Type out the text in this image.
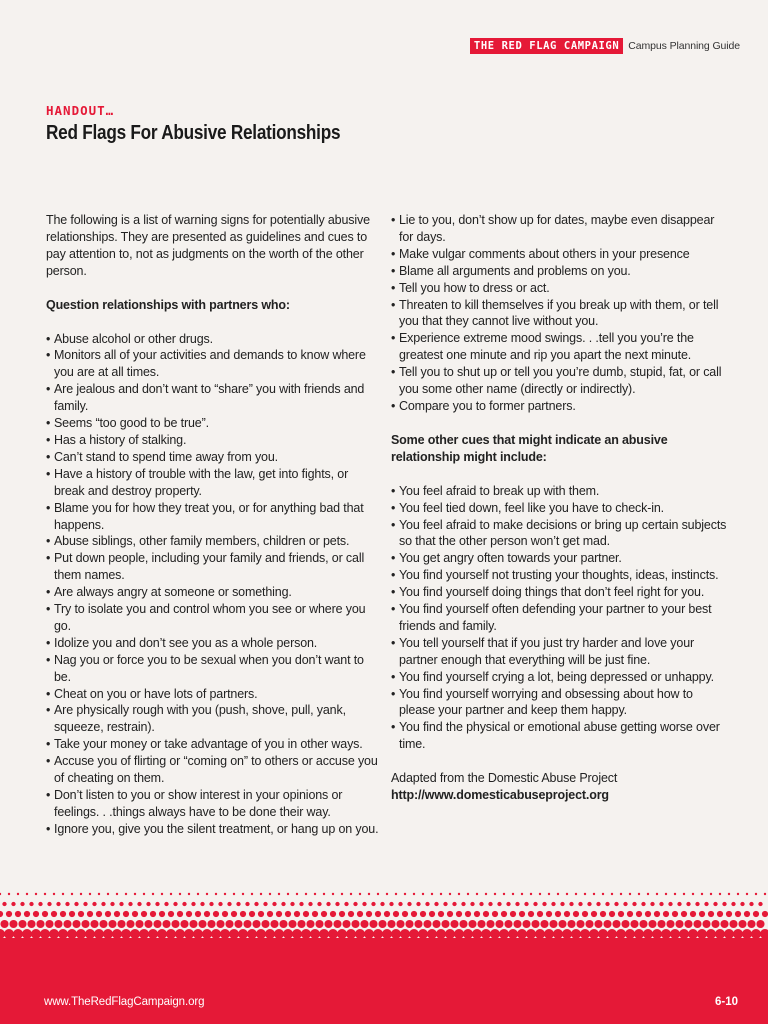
THE RED FLAG CAMPAIGN Campus Planning Guide
HANDOUT…
Red Flags For Abusive Relationships

The following is a list of warning signs for potentially abusive relationships. They are presented as guidelines and cues to pay attention to, not as judgments on the worth of the other person.

Question relationships with partners who:

• Abuse alcohol or other drugs.
• Monitors all of your activities and demands to know where you are at all times.
• Are jealous and don’t want to “share” you with friends and family.
• Seems “too good to be true”.
• Has a history of stalking.
• Can’t stand to spend time away from you.
• Have a history of trouble with the law, get into fights, or break and destroy property.
• Blame you for how they treat you, or for anything bad that happens.
• Abuse siblings, other family members, children or pets.
• Put down people, including your family and friends, or call them names.
• Are always angry at someone or something.
• Try to isolate you and control whom you see or where you go.
• Idolize you and don’t see you as a whole person.
• Nag you or force you to be sexual when you don’t want to be.
• Cheat on you or have lots of partners.
• Are physically rough with you (push, shove, pull, yank, squeeze, restrain).
• Take your money or take advantage of you in other ways.
• Accuse you of flirting or “coming on” to others or accuse you of cheating on them.
• Don’t listen to you or show interest in your opinions or feelings. . .things always have to be done their way.
• Ignore you, give you the silent treatment, or hang up on you.
• Lie to you, don’t show up for dates, maybe even disappear for days.
• Make vulgar comments about others in your presence
• Blame all arguments and problems on you.
• Tell you how to dress or act.
• Threaten to kill themselves if you break up with them, or tell you that they cannot live without you.
• Experience extreme mood swings. . .tell you you’re the greatest one minute and rip you apart the next minute.
• Tell you to shut up or tell you you’re dumb, stupid, fat, or call you some other name (directly or indirectly).
• Compare you to former partners.

Some other cues that might indicate an abusive relationship might include:

• You feel afraid to break up with them.
• You feel tied down, feel like you have to check-in.
• You feel afraid to make decisions or bring up certain subjects so that the other person won’t get mad.
• You get angry often towards your partner.
• You find yourself not trusting your thoughts, ideas, instincts.
• You find yourself doing things that don’t feel right for you.
• You find yourself often defending your partner to your best friends and family.
• You tell yourself that if you just try harder and love your partner enough that everything will be just fine.
• You find yourself crying a lot, being depressed or unhappy.
• You find yourself worrying and obsessing about how to please your partner and keep them happy.
• You find the physical or emotional abuse getting worse over time.

Adapted from the Domestic Abuse Project

http://www.domesticabuseproject.org

www.TheRedFlagCampaign.org	6-10
